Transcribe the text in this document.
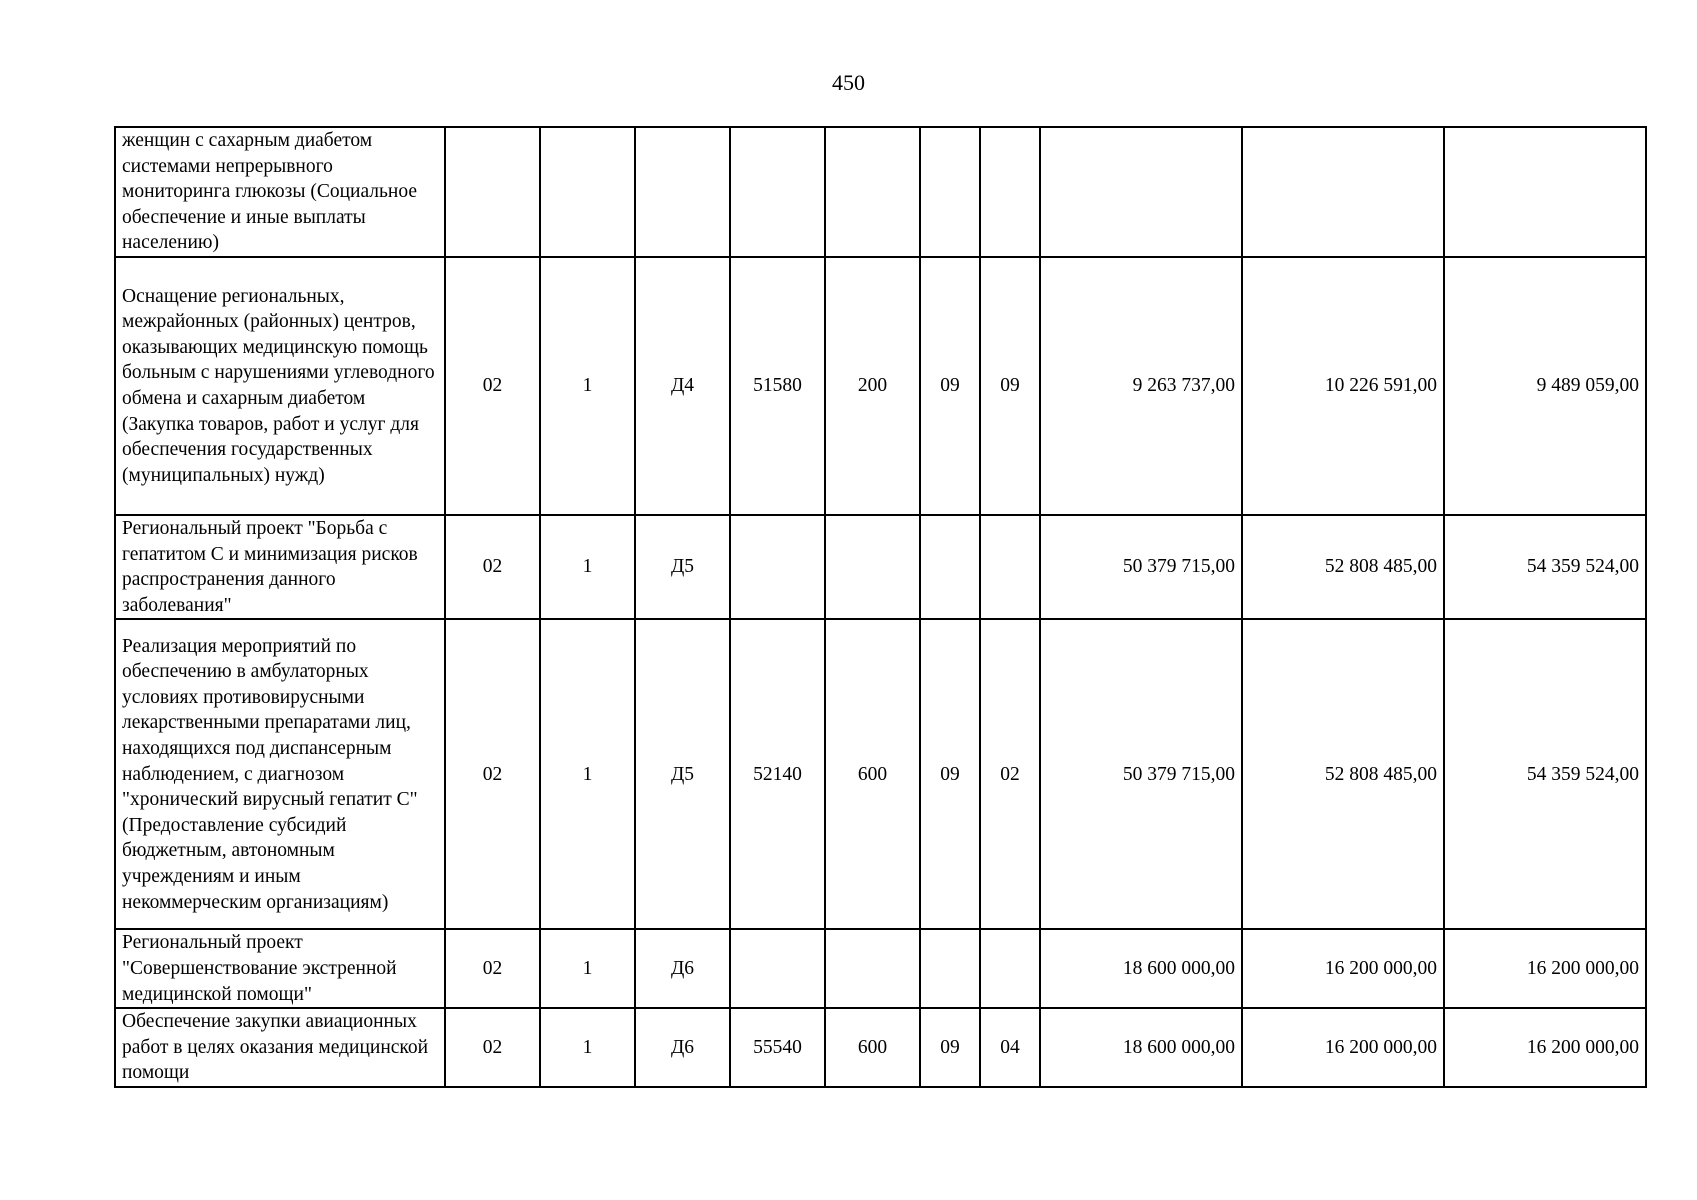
450
женщин с сахарным диабетом системами непрерывного мониторинга глюкозы (Социальное обеспечение и иные выплаты населению)										
Оснащение региональных, межрайонных (районных) центров, оказывающих медицинскую помощь больным с нарушениями углеводного обмена и сахарным диабетом (Закупка товаров, работ и услуг для обеспечения государственных (муниципальных) нужд)	02	1	Д4	51580	200	09	09	9 263 737,00	10 226 591,00	9 489 059,00
Региональный проект "Борьба с гепатитом С и минимизация рисков распространения данного заболевания"	02	1	Д5					50 379 715,00	52 808 485,00	54 359 524,00
Реализация мероприятий по обеспечению в амбулаторных условиях противовирусными лекарственными препаратами лиц, находящихся под диспансерным наблюдением, с диагнозом "хронический вирусный гепатит С" (Предоставление субсидий бюджетным, автономным учреждениям и иным некоммерческим организациям)	02	1	Д5	52140	600	09	02	50 379 715,00	52 808 485,00	54 359 524,00
Региональный проект "Совершенствование экстренной медицинской помощи"	02	1	Д6					18 600 000,00	16 200 000,00	16 200 000,00
Обеспечение закупки авиационных работ в целях оказания медицинской помощи	02	1	Д6	55540	600	09	04	18 600 000,00	16 200 000,00	16 200 000,00
